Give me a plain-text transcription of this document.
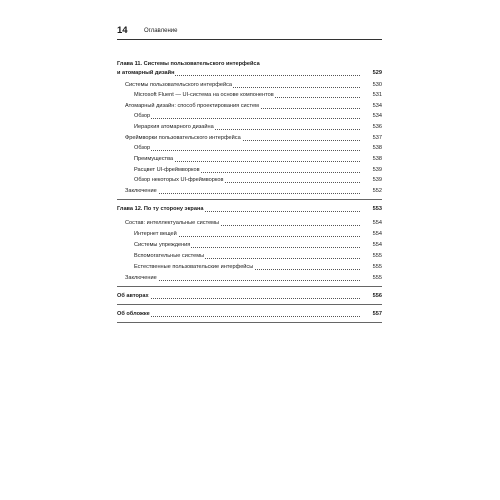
14	Оглавление
Глава 11. Системы пользовательского интерфейса
и атомарный дизайн	529
Системы пользовательского интерфейса	530
Microsoft Fluent — UI-система на основе компонентов	531
Атомарный дизайн: способ проектирования систем	534
Обзор	534
Иерархия атомарного дизайна	536
Фреймворки пользовательского интерфейса	537
Обзор	538
Преимущества	538
Расцвет UI-фреймворков	539
Обзор некоторых UI-фреймворков	539
Заключение	552
Глава 12. По ту сторону экрана	553
Состав: интеллектуальные системы	554
Интернет вещей	554
Системы упреждения	554
Вспомогательные системы	555
Естественные пользовательские интерфейсы	555
Заключение	555
Об авторах	556
Об обложке	557
